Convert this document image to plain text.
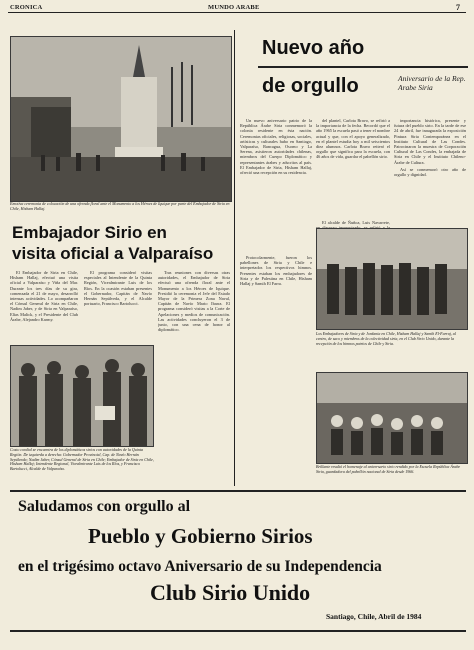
CRONICA	MUNDO ARABE	7
Emotiva ceremonia de colocación de una ofrenda floral ante el Monumento a los Héroes de Iquique por parte del Embajador de Siria en Chile, Hisham Hallaj.
Embajador Sirio en
visita oficial a Valparaíso

El Embajador de Siria en Chile, Hisham Hallaj, efectuó una visita oficial a Valparaíso y Viña del Mar. Durante los tres días de su gira, comenzada el 21 de mayo, desarrolló intensas actividades. Lo acompañaron el Cónsul General de Siria en Chile, Nadim Jaber, y de Siria en Valparaíso, Elías Malick, y el Presidente del Club Árabe, Alejandro Karmy.

El programa consideró visitas especiales al Intendente de la Quinta Región, Vicealmirante Luis de los Ríos. En la ocasión estaban presentes el Gobernador, Capitán de Navío Hernán Sepúlveda, y el Alcalde portuario, Francisco Bartolucci.

Tras reuniones con diversas otras autoridades, el Embajador de Siria efectuó una ofrenda floral ante el Monumento a los Héroes de Iquique. Presidió la ceremonia el Jefe del Estado Mayor de la Primera Zona Naval, Capitán de Navío Mario Ibarra. El programa consideró visitas a la Corte de Apelaciones y medios de comunicación. Las actividades concluyeron el 3 de junio, con una cena de honor al diplomático.

Costo cordial se encuentra de los diplomáticos sirios con autoridades de la Quinta Región. De izquierda a derecha: Gobernador Provincial, Cap. de Navío Hernán Sepúlveda; Nadim Jaber, Cónsul General de Siria en Chile; Embajador de Siria en Chile, Hisham Hallaj; Intendente Regional, Vicealmirante Luis de los Ríos, y Francisco Bartolucci, Alcalde de Valparaíso.
Nuevo año
de orgullo	Aniversario de la Rep. Arabe Siria

Un nuevo aniversario patrio de la República Árabe Siria conmemoró la colonia residente en ésta nación. Ceremonias oficiales, religiosas, sociales, artísticas y culturales hubo en Santiago, Valparaíso, Rancagua, Osorno y La Serena, asistieron autoridades chilenas, miembros del Cuerpo Diplomático y representantes árabes y adscritos al país. El Embajador de Siria, Hisham Hallaj, ofreció una recepción en su residencia.

del plantel, Carlota Bravo, se refirió a la importancia de la fecha. Recordó que el año 1965 la escuela pasó a tener el nombre actual y que, con el apoyo generalizado, en el plantel estudia hoy a mil seiscientos diez alumnos. Carlota Bravo reiteró el orgullo que significa para la escuela, con 46 años de vida, guardar el pabellón sirio.

importancia histórica, presente y futura del pueblo sirio. En la tarde de ese 24 de abril, fue inaugurada la exposición Pintura Siria Contemporánea en el Instituto Cultural de Las Condes. Patrocinaron la muestra de Corporación Cultural de Las Condes, la embajada de Siria en Chile y el Instituto Chileno-Árabe de Cultura.

Así se conmemoró otro año de orgullo y dignidad.

Protocolarmente, fueron los pabellones de Siria y Chile e interpretados los respectivos himnos. Presentes estaban los embajadores de Siria y de Palestina en Chile, Hisham Hallaj y Samih El Farra.

El alcalde de Ñuñoa, Luis Navarrete,

Los Embajadores de Siria y de Jordania en Chile, Hisham Hallaj y Samih El-Farraj, al centro, de saco y miembros de la colectividad siria, en el Club Sirio Unido, durante la recepción de los himnos patrios de Chile y Siria.
Brillante resultó el homenaje al aniversario sirio rendido por la Escuela República Árabe Siria, guardadora del pabellón nacional de Siria desde 1966.
Saludamos con orgullo al
Pueblo y Gobierno Sirios
en el trigésimo octavo Aniversario de su Independencia
Club Sirio Unido
Santiago, Chile, Abril de 1984
